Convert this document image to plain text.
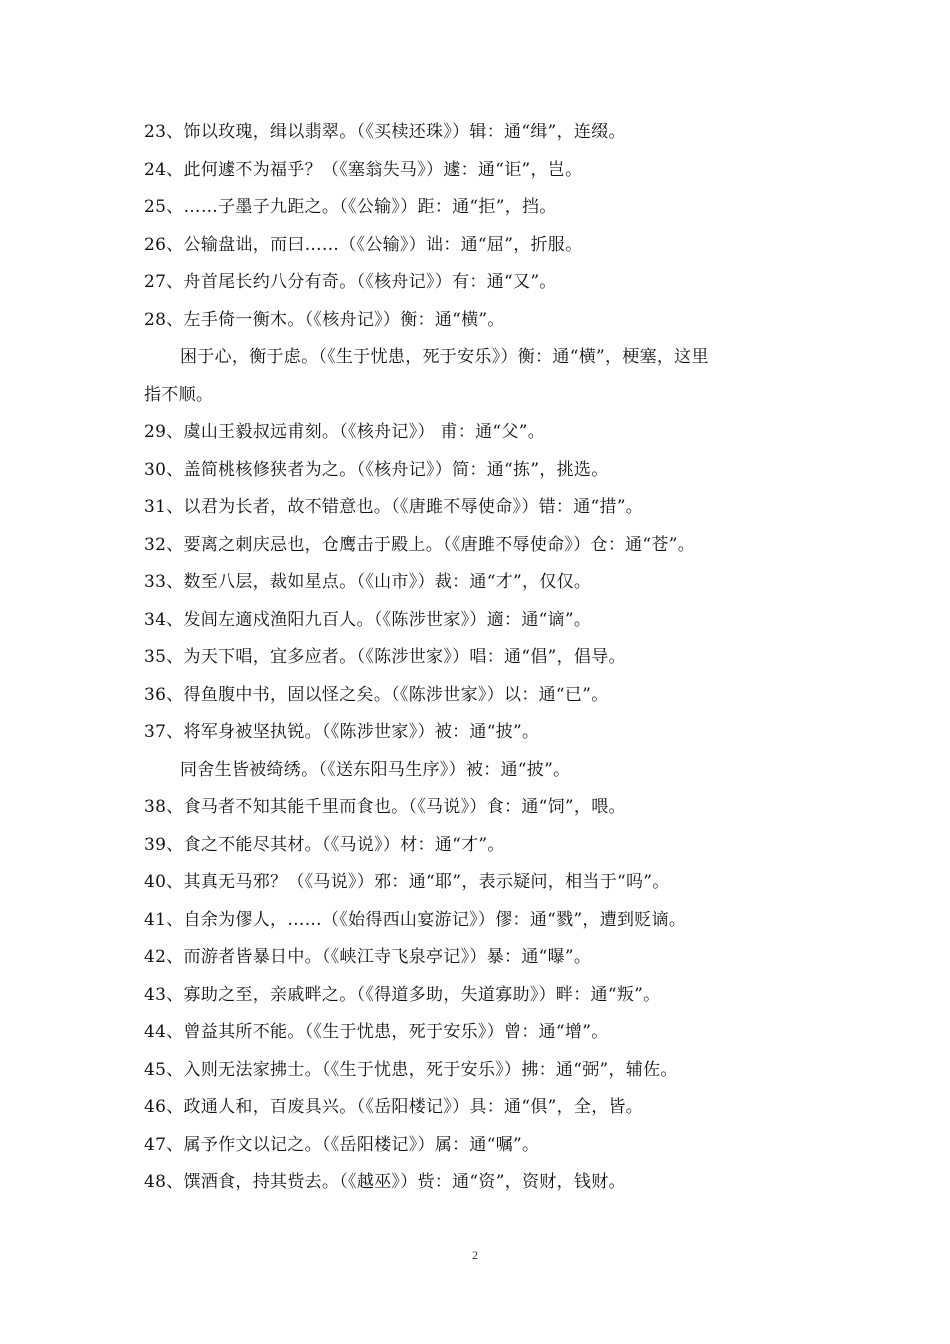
23、饰以玫瑰，缉以翡翠。（《买椟还珠》）辑：通“缉”，连缀。
24、此何遽不为福乎？（《塞翁失马》）遽：通“讵”，岂。
25、……子墨子九距之。（《公输》）距：通“拒”，挡。
26、公输盘诎，而曰……（《公输》）诎：通“屈”，折服。
27、舟首尾长约八分有奇。（《核舟记》）有：通“又”。
28、左手倚一衡木。（《核舟记》）衡：通“横”。
困于心，衡于虑。（《生于忧患，死于安乐》）衡：通“横”，梗塞，这里
指不顺。
29、虞山王毅叔远甫刻。（《核舟记》） 甫：通“父”。
30、盖简桃核修狭者为之。（《核舟记》）简：通“拣”，挑选。
31、以君为长者，故不错意也。（《唐雎不辱使命》）错：通“措”。
32、要离之刺庆忌也，仓鹰击于殿上。（《唐雎不辱使命》）仓：通“苍”。
33、数至八层，裁如星点。（《山市》）裁：通“才”，仅仅。
34、发闾左適戍渔阳九百人。（《陈涉世家》）適：通“谪”。
35、为天下唱，宜多应者。（《陈涉世家》）唱：通“倡”，倡导。
36、得鱼腹中书，固以怪之矣。（《陈涉世家》）以：通“已”。
37、将军身被坚执锐。（《陈涉世家》）被：通“披”。
同舍生皆被绮绣。（《送东阳马生序》）被：通“披”。
38、食马者不知其能千里而食也。（《马说》）食：通“饲”，喂。
39、食之不能尽其材。（《马说》）材：通“才”。
40、其真无马邪？（《马说》）邪：通“耶”，表示疑问，相当于“吗”。
41、自余为僇人，……（《始得西山宴游记》）僇：通“戮”，遭到贬谪。
42、而游者皆暴日中。（《峡江寺飞泉亭记》）暴：通“曝”。
43、寡助之至，亲戚畔之。（《得道多助，失道寡助》）畔：通“叛”。
44、曾益其所不能。（《生于忧患，死于安乐》）曾：通“增”。
45、入则无法家拂士。（《生于忧患，死于安乐》）拂：通“弼”，辅佐。
46、政通人和，百废具兴。（《岳阳楼记》）具：通“俱”，全，皆。
47、属予作文以记之。（《岳阳楼记》）属：通“嘱”。
48、馔酒食，持其赀去。（《越巫》）赀：通“资”，资财，钱财。
2
